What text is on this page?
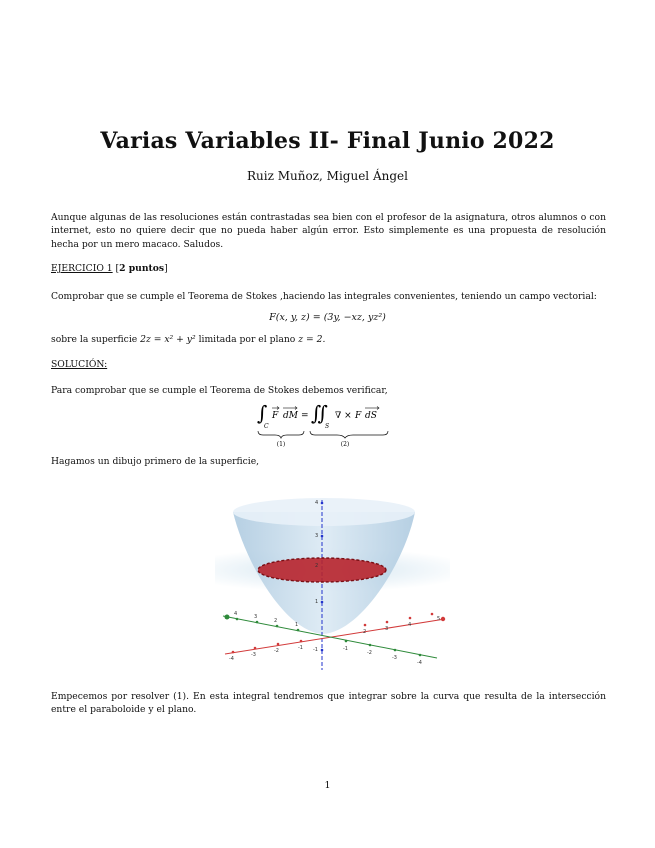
Varias Variables II- Final Junio 2022
Ruiz Muñoz, Miguel Ángel
Aunque algunas de las resoluciones están contrastadas sea bien con el profesor de la asignatura, otros alumnos o con internet, esto no quiere decir que no pueda haber algún error. Esto simplemente es una propuesta de resolución hecha por un mero macaco. Saludos.
EJERCICIO 1 [2 puntos]
Comprobar que se cumple el Teorema de Stokes ,haciendo las integrales convenientes, teniendo un campo vectorial:
F(x, y, z) = (3y, −xz, yz²)
sobre la superficie 2z = x² + y² limitada por el plano z = 2.
SOLUCIÓN:
Para comprobar que se cumple el Teorema de Stokes debemos verificar,
∫
C
F dM = ∬
S
∇ × F dS
(1)	(2)
Hagamos un dibujo primero de la superficie,
4
3
2
1
-1
2	3
4
5
-1
-2
-3
-4
1
2
3
4
-1
-2
-3
-4
Empecemos por resolver (1). En esta integral tendremos que integrar sobre la curva que resulta de la intersección entre el paraboloide y el plano.
1
